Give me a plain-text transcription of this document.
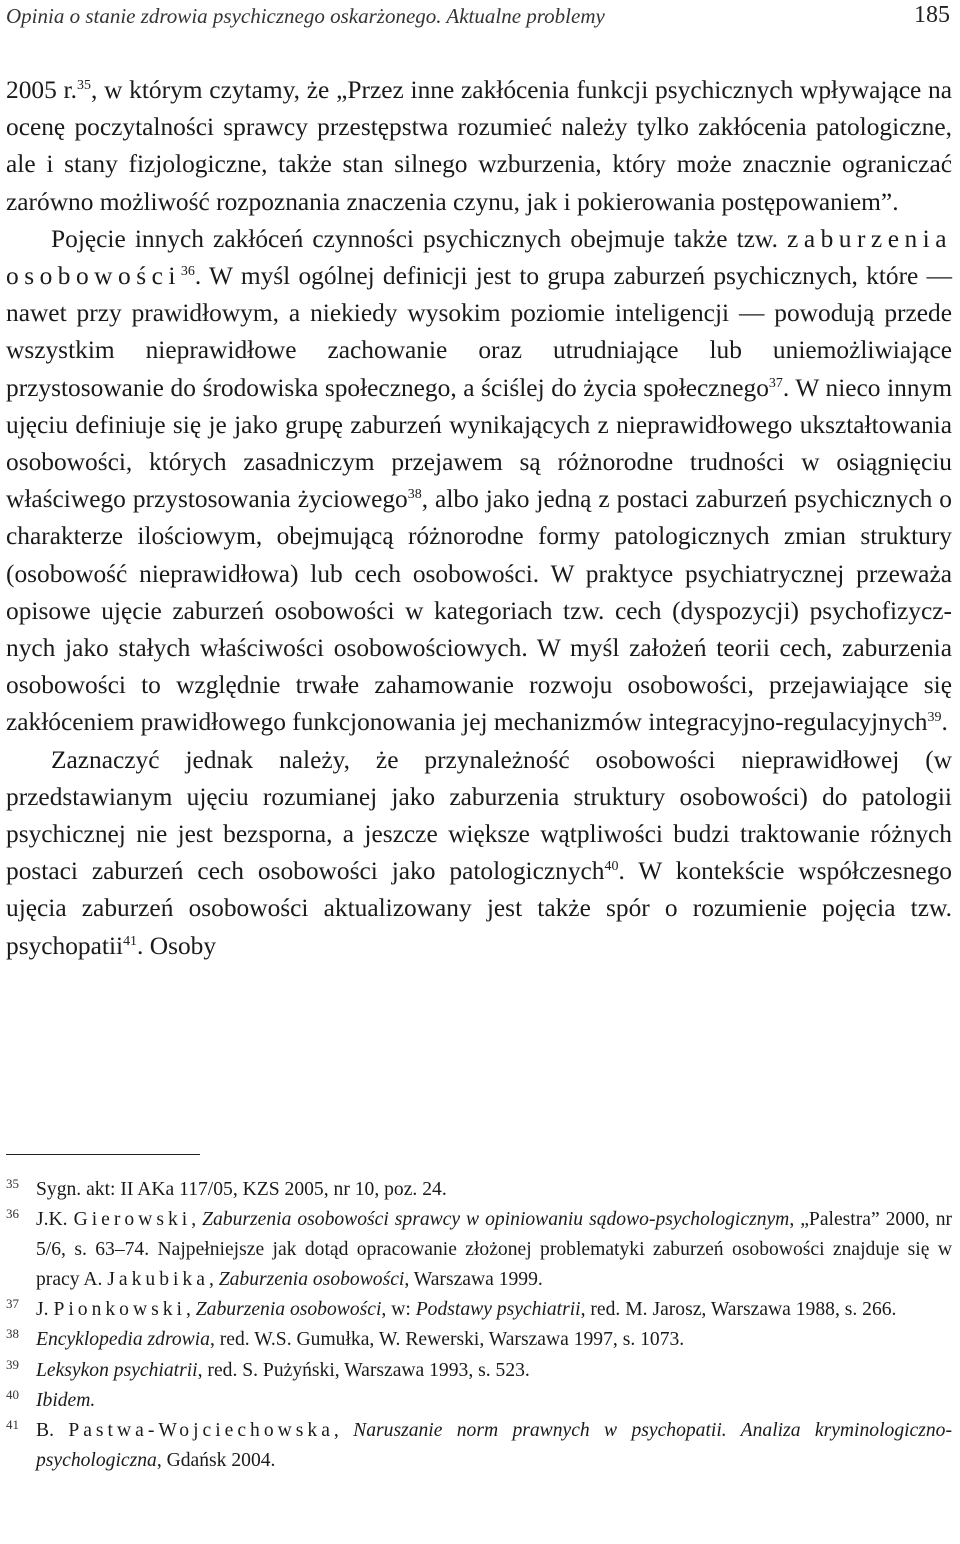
Opinia o stanie zdrowia psychicznego oskarżonego. Aktualne problemy	185

2005 r.$^{35}$, w którym czytamy, że „Przez inne zakłócenia funkcji psychicznych wpływające na ocenę poczytalności sprawcy przestępstwa rozumieć należy tylko zakłócenia patologiczne, ale i stany fizjologiczne, także stan silnego wzburzenia, który może znacznie ograniczać zarówno możliwość rozpoznania znaczenia czynu, jak i pokierowania postępowaniem”.

Pojęcie innych zakłóceń czynności psychicznych obejmuje także tzw. zaburzenia osobowości$^{36}$. W myśl ogólnej definicji jest to grupa zaburzeń psychicznych, które — nawet przy prawidłowym, a niekiedy wysokim poziomie inteligencji — powodują przede wszystkim nieprawidłowe zachowanie oraz utrudniające lub uniemożliwiające przystosowanie do środowiska społecznego, a ściślej do życia społecznego$^{37}$. W nieco innym ujęciu definiuje się je jako grupę zaburzeń wynikających z nieprawidłowego ukształtowania osobowości, których zasadniczym przejawem są różnorodne trudności w osiągnięciu właściwego przystosowania życiowego$^{38}$, albo jako jedną z postaci zaburzeń psychicznych o charakterze ilościowym, obejmującą różnorodne formy patologicznych zmian struktury (osobowość nieprawidłowa) lub cech osobowości. W praktyce psychiatrycznej przeważa opisowe ujęcie zaburzeń osobowości w kategoriach tzw. cech (dyspozycji) psychofizycznych jako stałych właściwości osobowościowych. W myśl założeń teorii cech, zaburzenia osobowości to względnie trwałe zahamowanie rozwoju osobowości, przejawiające się zakłóceniem prawidłowego funkcjonowania jej mechanizmów integracyjno-regulacyjnych$^{39}$.

Zaznaczyć jednak należy, że przynależność osobowości nieprawidłowej (w przedstawianym ujęciu rozumianej jako zaburzenia struktury osobowości) do patologii psychicznej nie jest bezsporna, a jeszcze większe wątpliwości budzi traktowanie różnych postaci zaburzeń cech osobowości jako patologicznych$^{40}$. W kontekście współczesnego ujęcia zaburzeń osobowości aktualizowany jest także spór o rozumienie pojęcia tzw. psychopatii$^{41}$. Osoby

35 Sygn. akt: II AKa 117/05, KZS 2005, nr 10, poz. 24.
36 J.K. Gierowski, Zaburzenia osobowości sprawcy w opiniowaniu sądowo-psychologicznym, „Palestra” 2000, nr 5/6, s. 63–74. Najpełniejsze jak dotąd opracowanie złożonej problematyki zaburzeń osobowości znajduje się w pracy A. Jakubika, Zaburzenia osobowości, Warszawa 1999.
37 J. Pionkowski, Zaburzenia osobowości, w: Podstawy psychiatrii, red. M. Jarosz, Warszawa 1988, s. 266.
38 Encyklopedia zdrowia, red. W.S. Gumułka, W. Rewerski, Warszawa 1997, s. 1073.
39 Leksykon psychiatrii, red. S. Pużyński, Warszawa 1993, s. 523.
40 Ibidem.
41 B. Pastwa-Wojciechowska, Naruszanie norm prawnych w psychopatii. Analiza kryminologiczno-psychologiczna, Gdańsk 2004.
